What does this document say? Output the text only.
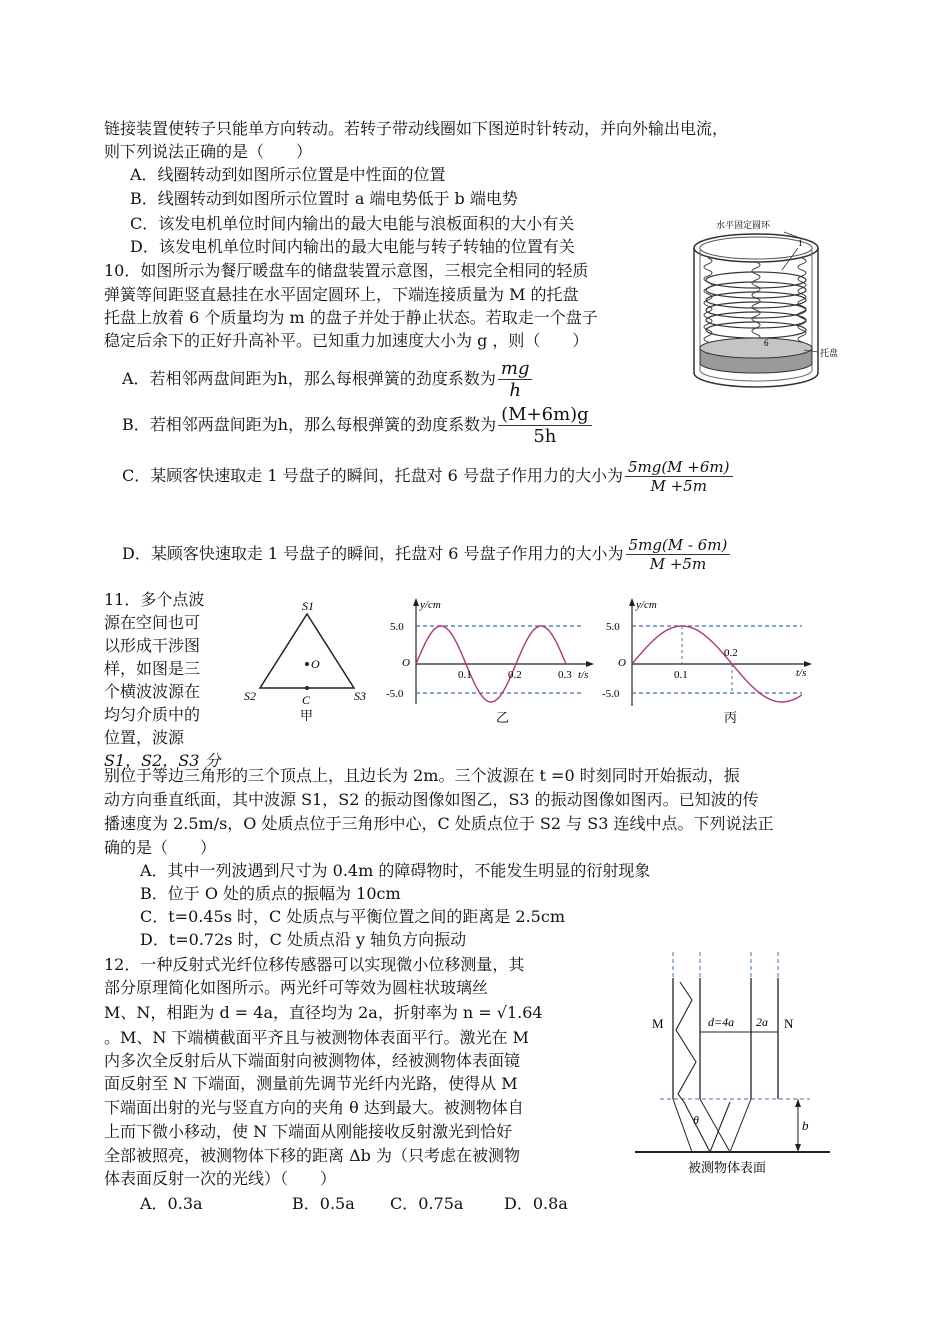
链接装置使转子只能单方向转动。若转子带动线圈如下图逆时针转动，并向外输出电流，
则下列说法正确的是（　　）
A．线圈转动到如图所示位置是中性面的位置
B．线圈转动到如图所示位置时 a 端电势低于 b 端电势
C．该发电机单位时间内输出的最大电能与浪板面积的大小有关
D．该发电机单位时间内输出的最大电能与转子转轴的位置有关
10．如图所示为餐厅暖盘车的储盘装置示意图，三根完全相同的轻质
弹簧等间距竖直悬挂在水平固定圆环上，下端连接质量为 M 的托盘
托盘上放着 6 个质量均为 m 的盘子并处于静止状态。若取走一个盘子
稳定后余下的正好升高补平。已知重力加速度大小为 g ，则（　　）
A．若相邻两盘间距为h，那么每根弹簧的劲度系数为 $\frac{mg}{h}$
B．若相邻两盘间距为h，那么每根弹簧的劲度系数为 $\frac{(M+6m)g}{5h}$
C．某顾客快速取走 1 号盘子的瞬间，托盘对 6 号盘子作用力的大小为 $\frac{5mg(M +6m)}{M +5m}$
D．某顾客快速取走 1 号盘子的瞬间，托盘对 6 号盘子作用力的大小为 $\frac{5mg(M - 6m)}{M +5m}$
水平固定圆环
1
6
托盘
11．多个点波
源在空间也可
以形成干涉图
样，如图是三
个横波波源在
均匀介质中的
位置，波源
S1，S2，S3 分
S1
S2	S3
O
C
甲
y/cm
t/s
5.0
-5.0
O
0.1	0.2	0.3
乙
y/cm
t/s
5.0
-5.0
O
0.1
0.2
丙
别位于等边三角形的三个顶点上，且边长为 2m。三个波源在 t =0 时刻同时开始振动，振
动方向垂直纸面，其中波源 S1，S2 的振动图像如图乙，S3 的振动图像如图丙。已知波的传
播速度为 2.5m/s，O 处质点位于三角形中心，C 处质点位于 S2 与 S3 连线中点。下列说法正
确的是（　　）
A．其中一列波遇到尺寸为 0.4m 的障碍物时，不能发生明显的衍射现象
B．位于 O 处的质点的振幅为 10cm
C．t=0.45s 时，C 处质点与平衡位置之间的距离是 2.5cm
D．t=0.72s 时，C 处质点沿 y 轴负方向振动
12．一种反射式光纤位移传感器可以实现微小位移测量，其
部分原理简化如图所示。两光纤可等效为圆柱状玻璃丝
M、N，相距为 d = 4a，直径均为 2a，折射率为 n = √1.64
。M、N 下端横截面平齐且与被测物体表面平行。激光在 M
内多次全反射后从下端面射向被测物体，经被测物体表面镜
面反射至 N 下端面，测量前先调节光纤内光路，使得从 M
下端面出射的光与竖直方向的夹角 θ 达到最大。被测物体自
上而下微小移动，使 N 下端面从刚能接收反射激光到恰好
全部被照亮，被测物体下移的距离 Δb 为（只考虑在被测物
体表面反射一次的光线）（　　）
A．0.3a	B．0.5a C．0.75a	D．0.8a
M	N
d=4a 2a
b
θ
被测物体表面
